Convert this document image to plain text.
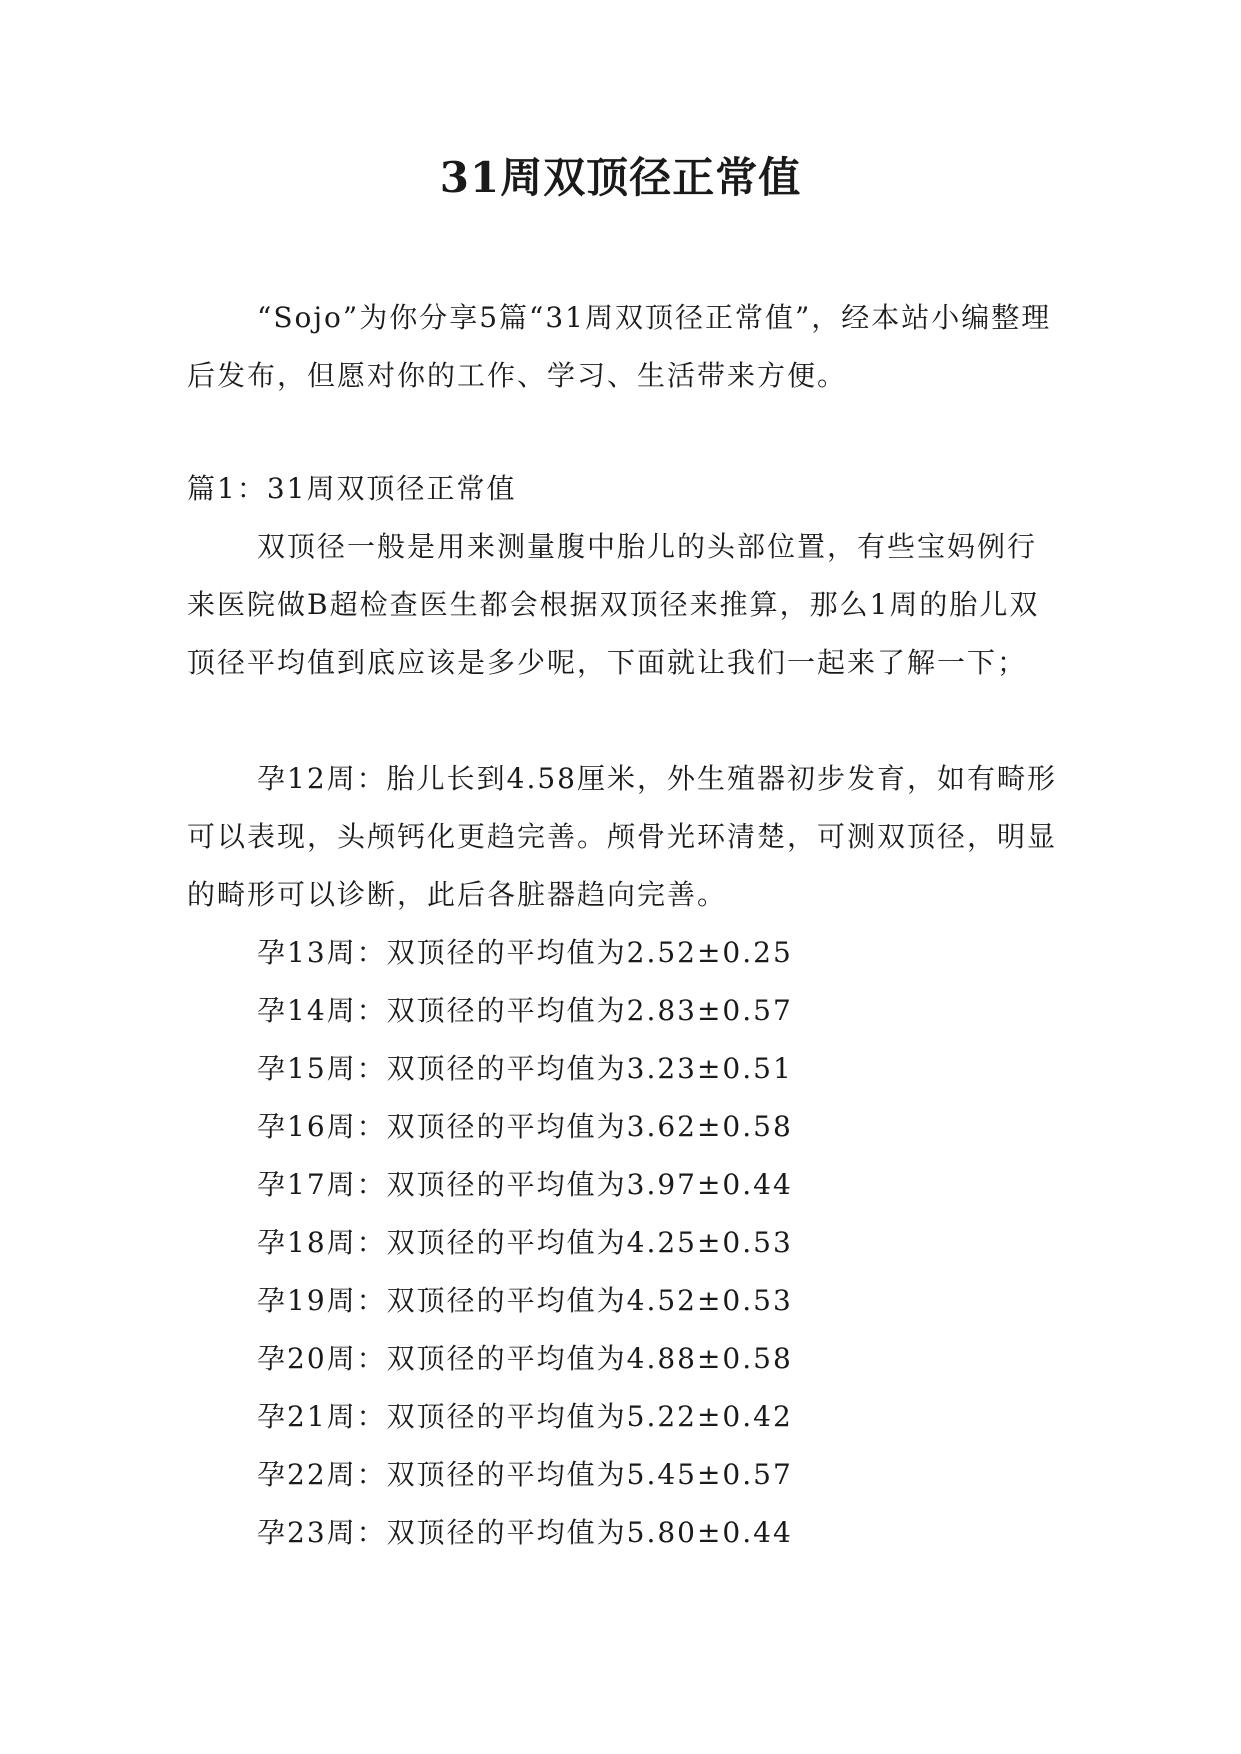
31周双顶径正常值

“Sojo”为你分享5篇“31周双顶径正常值”，经本站小编整理后发布，但愿对你的工作、学习、生活带来方便。

篇1：31周双顶径正常值

双顶径一般是用来测量腹中胎儿的头部位置，有些宝妈例行来医院做B超检查医生都会根据双顶径来推算，那么1周的胎儿双顶径平均值到底应该是多少呢，下面就让我们一起来了解一下；

孕12周：胎儿长到4.58厘米，外生殖器初步发育，如有畸形可以表现，头颅钙化更趋完善。颅骨光环清楚，可测双顶径，明显的畸形可以诊断，此后各脏器趋向完善。

孕13周：双顶径的平均值为2.52±0.25
孕14周：双顶径的平均值为2.83±0.57
孕15周：双顶径的平均值为3.23±0.51
孕16周：双顶径的平均值为3.62±0.58
孕17周：双顶径的平均值为3.97±0.44
孕18周：双顶径的平均值为4.25±0.53
孕19周：双顶径的平均值为4.52±0.53
孕20周：双顶径的平均值为4.88±0.58
孕21周：双顶径的平均值为5.22±0.42
孕22周：双顶径的平均值为5.45±0.57
孕23周：双顶径的平均值为5.80±0.44
